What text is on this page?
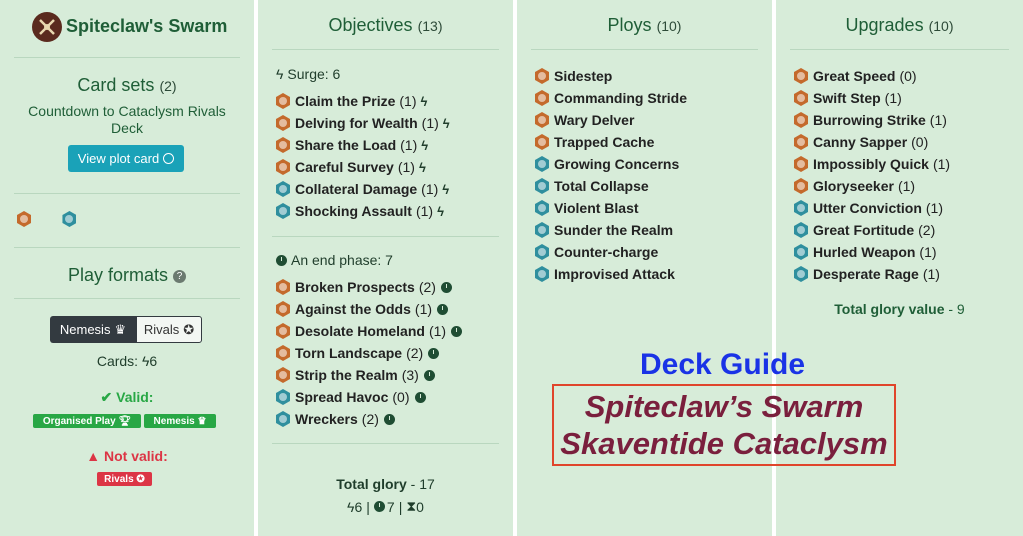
Spiteclaw's Swarm
Card sets (2)
Countdown to Cataclysm Rivals Deck
View plot card

Play formats ?
Nemesis ♛ Rivals ✪
Cards: ϟ6
✔ Valid:
Organised Play
🏆︎ Nemesis
♛
▲ Not valid:
Rivals
✪
Objectives (13)
ϟ Surge: 6
Claim the Prize (1) ϟ
Delving for Wealth (1) ϟ
Share the Load (1) ϟ
Careful Survey (1) ϟ
Collateral Damage (1) ϟ
Shocking Assault (1) ϟ
An end phase: 7
Broken Prospects (2)
Against the Odds (1)
Desolate Homeland (1)
Torn Landscape (2)
Strip the Realm (3)
Spread Havoc (0)
Wreckers (2)
Total glory - 17
ϟ 6 | 7 | ⧗ 0
Ploys (10)
Sidestep
Commanding Stride
Wary Delver
Trapped Cache
Growing Concerns
Total Collapse
Violent Blast
Sunder the Realm
Counter-charge
Improvised Attack
Upgrades (10)
Great Speed (0)
Swift Step (1)
Burrowing Strike (1)
Canny Sapper (0)
Impossibly Quick (1)
Gloryseeker (1)
Utter Conviction (1)
Great Fortitude (2)
Hurled Weapon (1)
Desperate Rage (1)
Total glory value - 9
Deck Guide
Spiteclaw’s Swarm
Skaventide Cataclysm
